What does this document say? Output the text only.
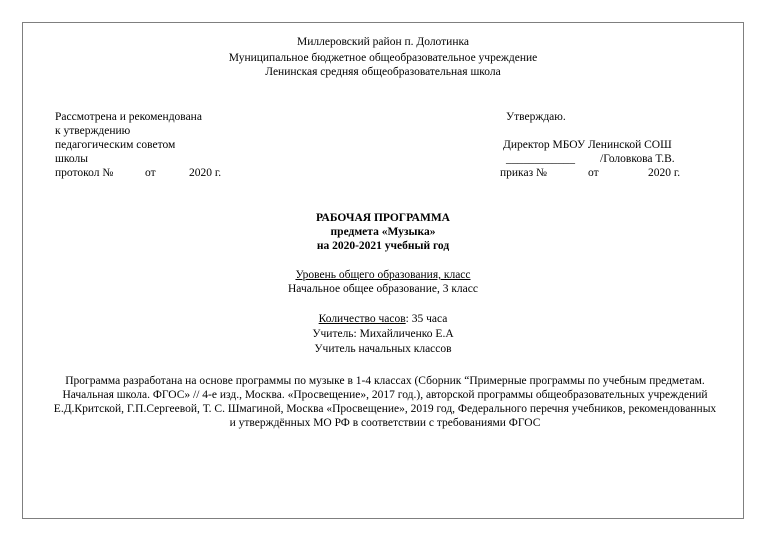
Миллеровский район п. Долотинка
Муниципальное бюджетное общеобразовательное учреждение
Ленинская средняя общеобразовательная школа
Рассмотрена и рекомендована
к утверждению
педагогическим советом
школы
протокол №	от	2020 г.
Утверждаю.
Директор МБОУ Ленинской СОШ
____________ /Головкова Т.В.
приказ №	от	2020 г.
РАБОЧАЯ ПРОГРАММА
предмета «Музыка»
на 2020-2021 учебный год
Уровень общего образования, класс
Начальное общее образование, 3 класс
Количество часов: 35 часа
Учитель: Михайличенко Е.А
Учитель начальных классов
Программа разработана на основе программы по музыке в 1-4 классах (Сборник “Примерные программы по учебным предметам. Начальная школа. ФГОС» // 4-е изд., Москва. «Просвещение», 2017 год.), авторской программы общеобразовательных учреждений Е.Д.Критской, Г.П.Сергеевой, Т. С. Шмагиной, Москва «Просвещение», 2019 год, Федерального перечня учебников, рекомендованных и утверждённых МО РФ в соответствии с требованиями ФГОС
